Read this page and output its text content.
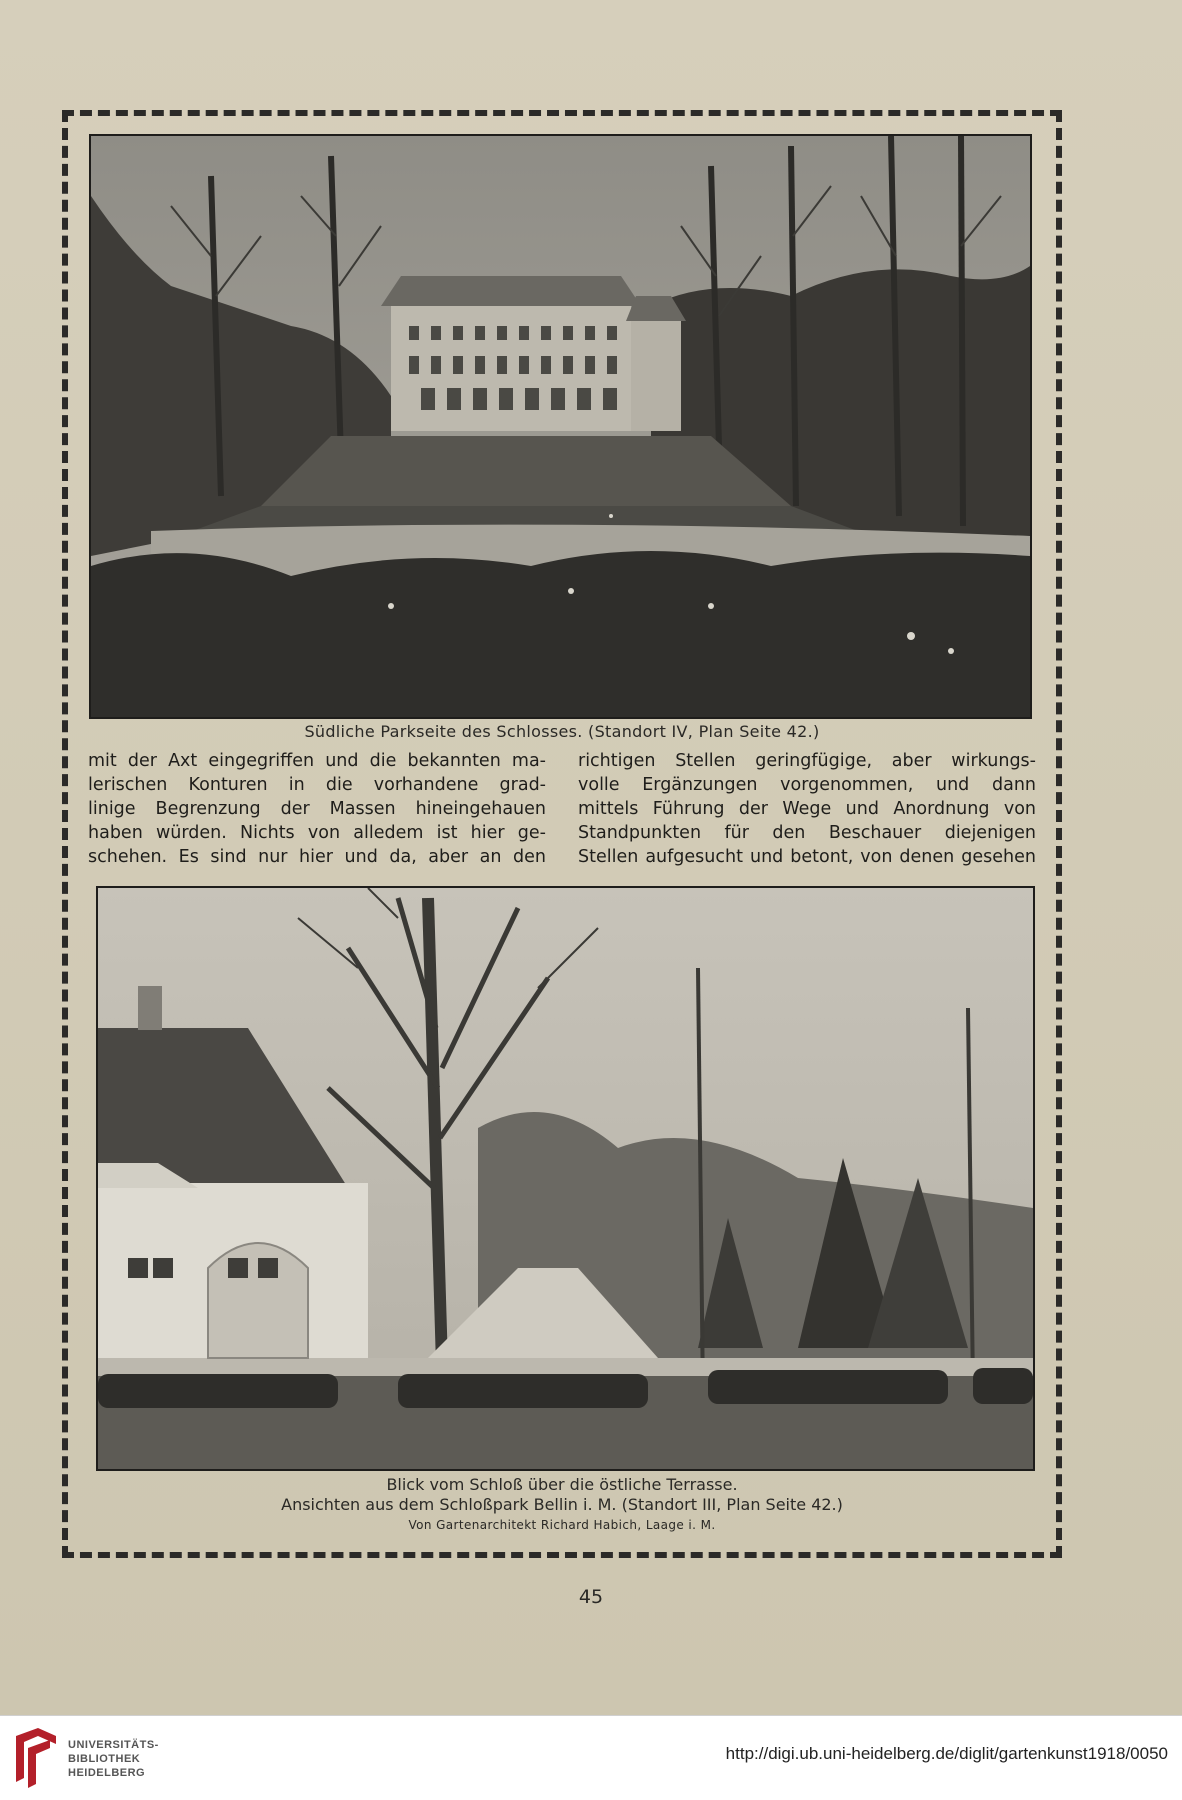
Südliche Parkseite des Schlosses. (Standort IV, Plan Seite 42.)
mit der Axt eingegriffen und die bekannten ma-
lerischen Konturen in die vorhandene grad-
linige Begrenzung der Massen hineingehauen
haben würden. Nichts von alledem ist hier ge-
schehen. Es sind nur hier und da, aber an den
richtigen Stellen geringfügige, aber wirkungs-
volle Ergänzungen vorgenommen, und dann
mittels Führung der Wege und Anordnung von
Standpunkten für den Beschauer diejenigen
Stellen aufgesucht und betont, von denen gesehen
Blick vom Schloß über die östliche Terrasse.
Ansichten aus dem Schloßpark Bellin i. M. (Standort III, Plan Seite 42.)
Von Gartenarchitekt Richard Habich, Laage i. M.
45
UNIVERSITÄTS-
BIBLIOTHEK
HEIDELBERG
http://digi.ub.uni-heidelberg.de/diglit/gartenkunst1918/0050
